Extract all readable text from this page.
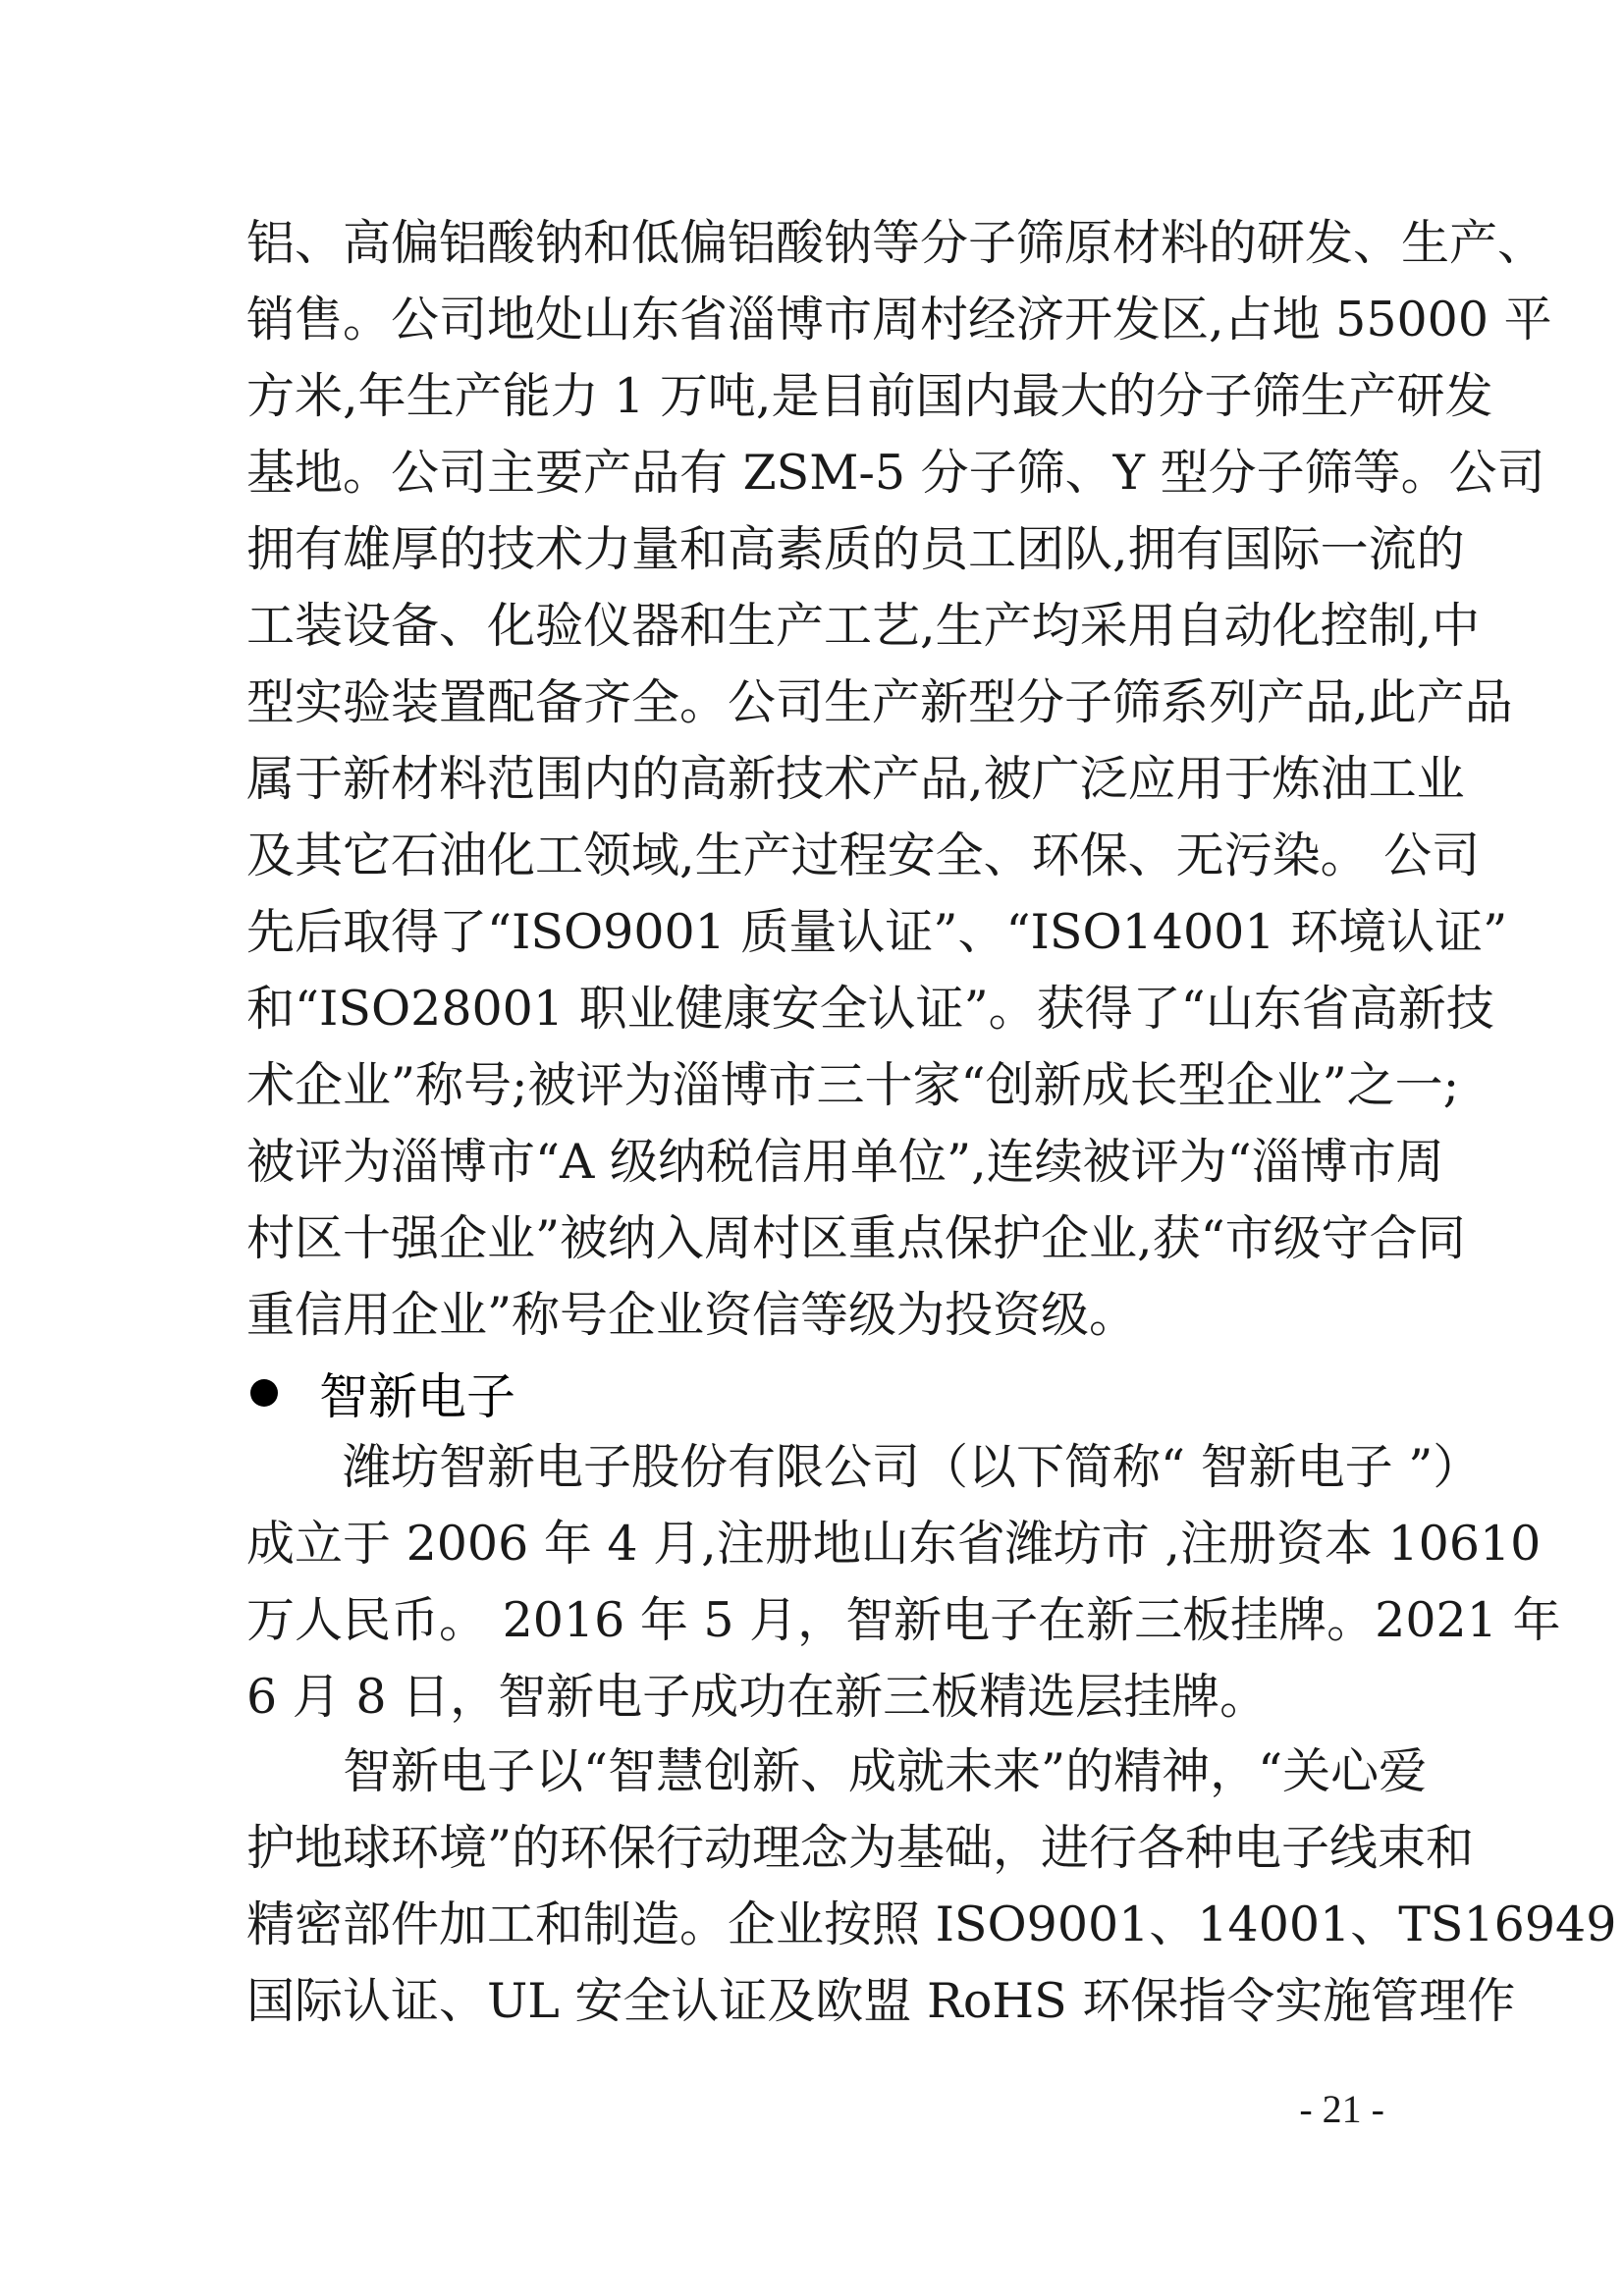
铝、高偏铝酸钠和低偏铝酸钠等分子筛原材料的研发、生产、
销售。公司地处山东省淄博市周村经济开发区,占地 55000 平
方米,年生产能力 1 万吨,是目前国内最大的分子筛生产研发
基地。公司主要产品有 ZSM-5 分子筛、Y 型分子筛等。公司
拥有雄厚的技术力量和高素质的员工团队,拥有国际一流的
工装设备、化验仪器和生产工艺,生产均采用自动化控制,中
型实验装置配备齐全。公司生产新型分子筛系列产品,此产品
属于新材料范围内的高新技术产品,被广泛应用于炼油工业
及其它石油化工领域,生产过程安全、环保、无污染。 公司
先后取得了“ISO9001 质量认证”、“ISO14001 环境认证”
和“ISO28001 职业健康安全认证”。获得了“山东省高新技
术企业”称号;被评为淄博市三十家“创新成长型企业”之一;
被评为淄博市“A 级纳税信用单位”,连续被评为“淄博市周
村区十强企业”被纳入周村区重点保护企业,获“市级守合同
重信用企业”称号企业资信等级为投资级。
智新电子
潍坊智新电子股份有限公司（以下简称“ 智新电子 ”）
成立于 2006 年 4 月,注册地山东省潍坊市 ,注册资本 10610
万人民币。 2016 年 5 月，智新电子在新三板挂牌。2021 年
6 月 8 日，智新电子成功在新三板精选层挂牌。
智新电子以“智慧创新、成就未来”的精神，“关心爱
护地球环境”的环保行动理念为基础，进行各种电子线束和
精密部件加工和制造。企业按照 ISO9001、14001、TS16949
国际认证、UL 安全认证及欧盟 RoHS 环保指令实施管理作
- 21 -
